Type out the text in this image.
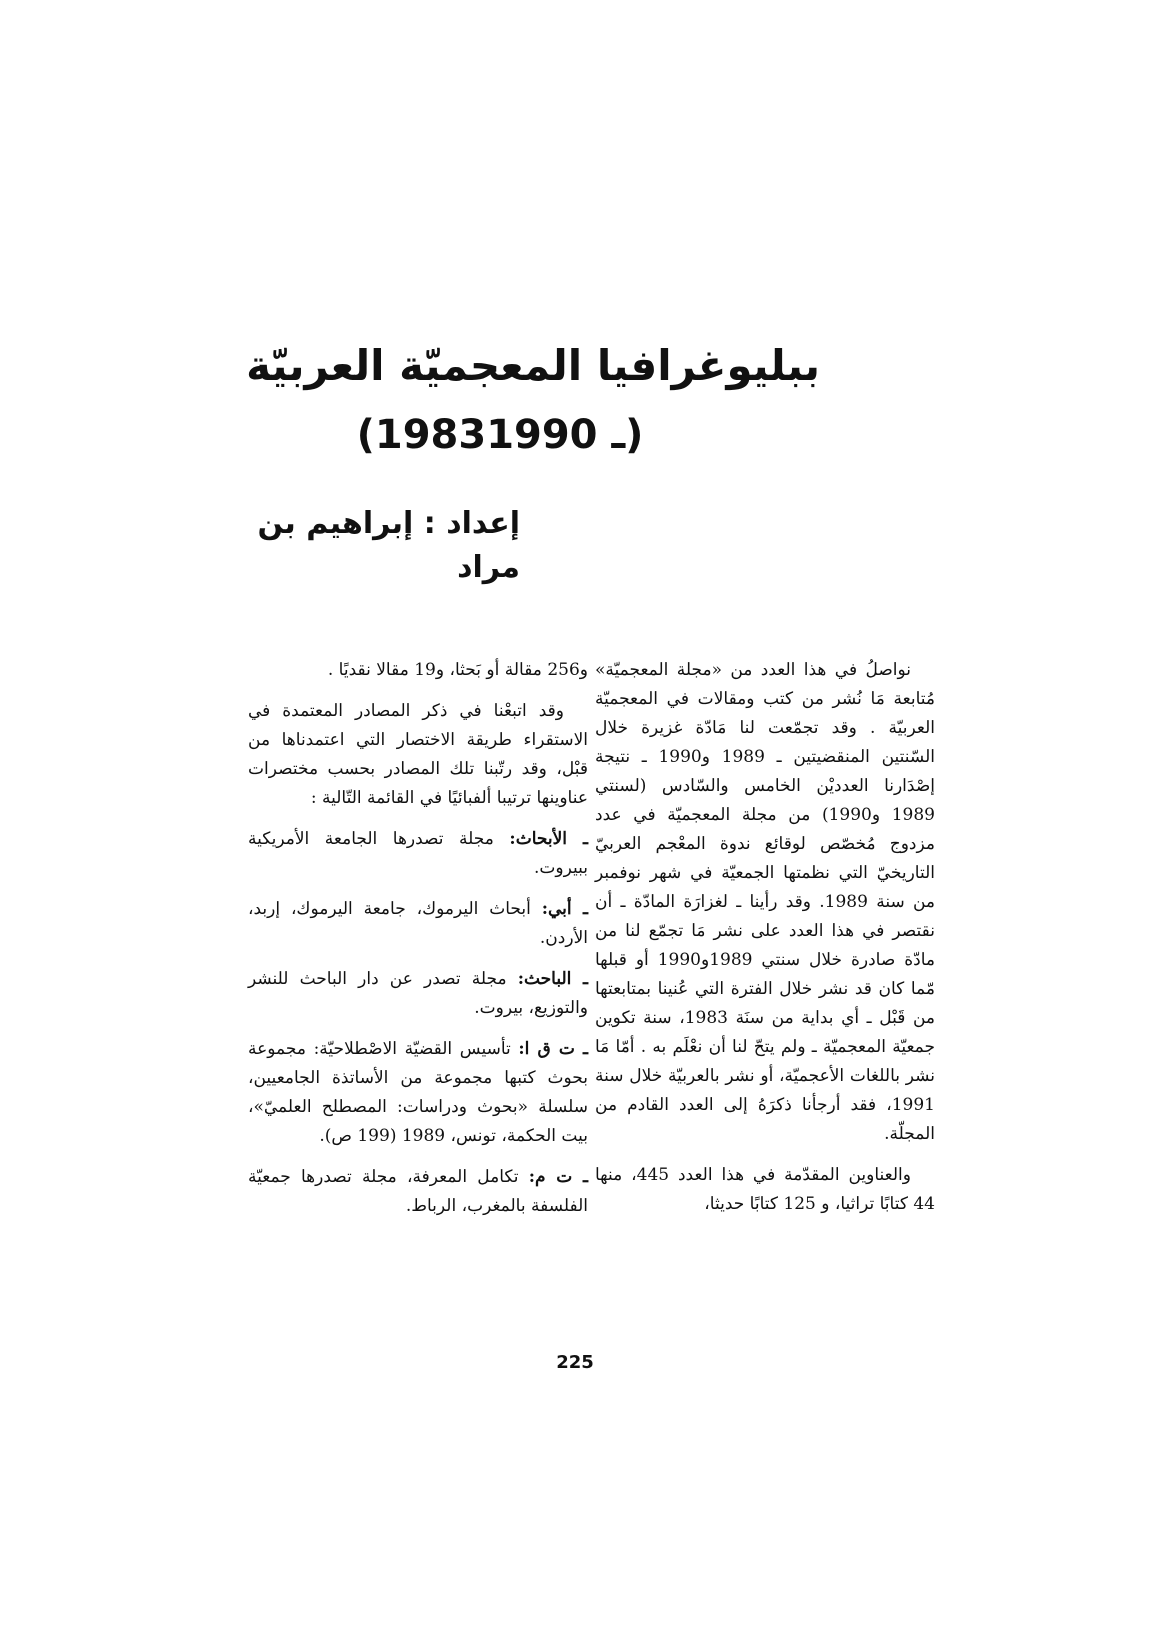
ببليوغرافيا المعجميّة العربيّة
(1983ـ 1990)
إعداد : إبراهيم بن مراد

نواصلُ في هذا العدد من «مجلة المعجميّة» مُتابعة مَا نُشر من كتب ومقالات في المعجميّة العربيّة . وقد تجمّعت لنا مَادّة غزيرة خلال السّنتين المنقضيتين ـ 1989 و1990 ـ نتيجة إصْدَارنا العدديْن الخامس والسّادس (لسنتي 1989 و1990) من مجلة المعجميّة في عدد مزدوج مُخصّص لوقائع ندوة المعْجم العربيّ التاريخيّ التي نظمتها الجمعيّة في شهر نوفمبر من سنة 1989. وقد رأينا ـ لغزارَة المادّة ـ أن نقتصر في هذا العدد على نشر مَا تجمّع لنا من مادّة صادرة خلال سنتي 1989و1990 أو قبلها مّما كان قد نشر خلال الفترة التي عُنينا بمتابعتها من قَبْل ـ أي بداية من سنَة 1983، سنة تكوين جمعيّة المعجميّة ـ ولم يتحّ لنا أن نعْلَم به . أمّا مَا نشر باللغات الأعجميّة، أو نشر بالعربيّة خلال سنة 1991، فقد أرجأنا ذكرَهُ إلى العدد القادم من المجلّة.

والعناوين المقدّمة في هذا العدد 445، منها 44 كتابًا تراثيا، و 125 كتابًا حديثا،

و256 مقالة أو بَحثا، و19 مقالا نقديًا .

وقد اتبعْنا في ذكر المصادر المعتمدة في الاستقراء طريقة الاختصار التي اعتمدناها من قبْل، وقد رتّبنا تلك المصادر بحسب مختصرات عناوينها ترتيبا ألفبائيًا في القائمة التّالية :

ـ الأبحاث: مجلة تصدرها الجامعة الأمريكية ببيروت.

ـ أبي: أبحاث اليرموك، جامعة اليرموك، إربد، الأردن.

ـ الباحث: مجلة تصدر عن دار الباحث للنشر والتوزيع، بيروت.

ـ ت ق ا: تأسيس القضيّة الاصْطلاحيّة: مجموعة بحوث كتبها مجموعة من الأساتذة الجامعيين، سلسلة «بحوث ودراسات: المصطلح العلميّ»، بيت الحكمة، تونس، 1989 (199 ص).

ـ ت م: تكامل المعرفة، مجلة تصدرها جمعيّة الفلسفة بالمغرب، الرباط.

225
